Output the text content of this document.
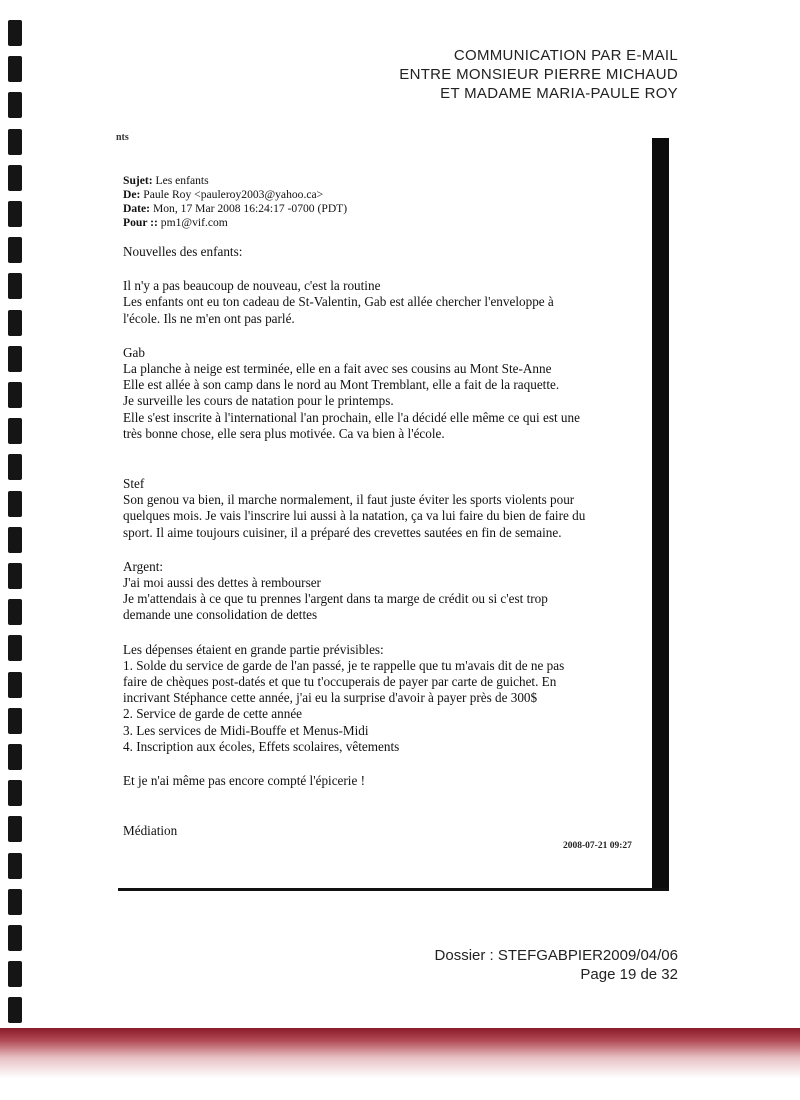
COMMUNICATION PAR E-MAIL
ENTRE MONSIEUR PIERRE MICHAUD
ET MADAME MARIA-PAULE ROY
nts
Sujet: Les enfants
De: Paule Roy <pauleroy2003@yahoo.ca>
Date: Mon, 17 Mar 2008 16:24:17 -0700 (PDT)
Pour :: pm1@vif.com

Nouvelles des enfants:

Il n'y a pas beaucoup de nouveau, c'est la routine

Les enfants ont eu ton cadeau de St-Valentin, Gab est allée chercher l'enveloppe à

l'école. Ils ne m'en ont pas parlé.

Gab

La planche à neige est terminée, elle en a fait avec ses cousins au Mont Ste-Anne

Elle est allée à son camp dans le nord au Mont Tremblant, elle a fait de la raquette.

Je surveille les cours de natation pour le printemps.

Elle s'est inscrite à l'international l'an prochain, elle l'a décidé elle même ce qui est une

très bonne chose, elle sera plus motivée. Ca va bien à l'école.

Stef

Son genou va bien, il marche normalement, il faut juste éviter les sports violents pour

quelques mois. Je vais l'inscrire lui aussi à la natation, ça va lui faire du bien de faire du

sport. Il aime toujours cuisiner, il a préparé des crevettes sautées en fin de semaine.

Argent:

J'ai moi aussi des dettes à rembourser

Je m'attendais à ce que tu prennes l'argent dans ta marge de crédit ou si c'est trop

demande une consolidation de dettes

Les dépenses étaient en grande partie prévisibles:

1. Solde du service de garde de l'an passé, je te rappelle que tu m'avais dit de ne pas

faire de chèques post-datés et que tu t'occuperais de payer par carte de guichet. En

incrivant Stéphance cette année, j'ai eu la surprise d'avoir à payer près de 300$

2. Service de garde de cette année

3. Les services de Midi-Bouffe et Menus-Midi

4. Inscription aux écoles, Effets scolaires, vêtements

Et je n'ai même pas encore compté l'épicerie !

Médiation

2008-07-21 09:27
Dossier : STEFGABPIER2009/04/06
Page 19 de 32
